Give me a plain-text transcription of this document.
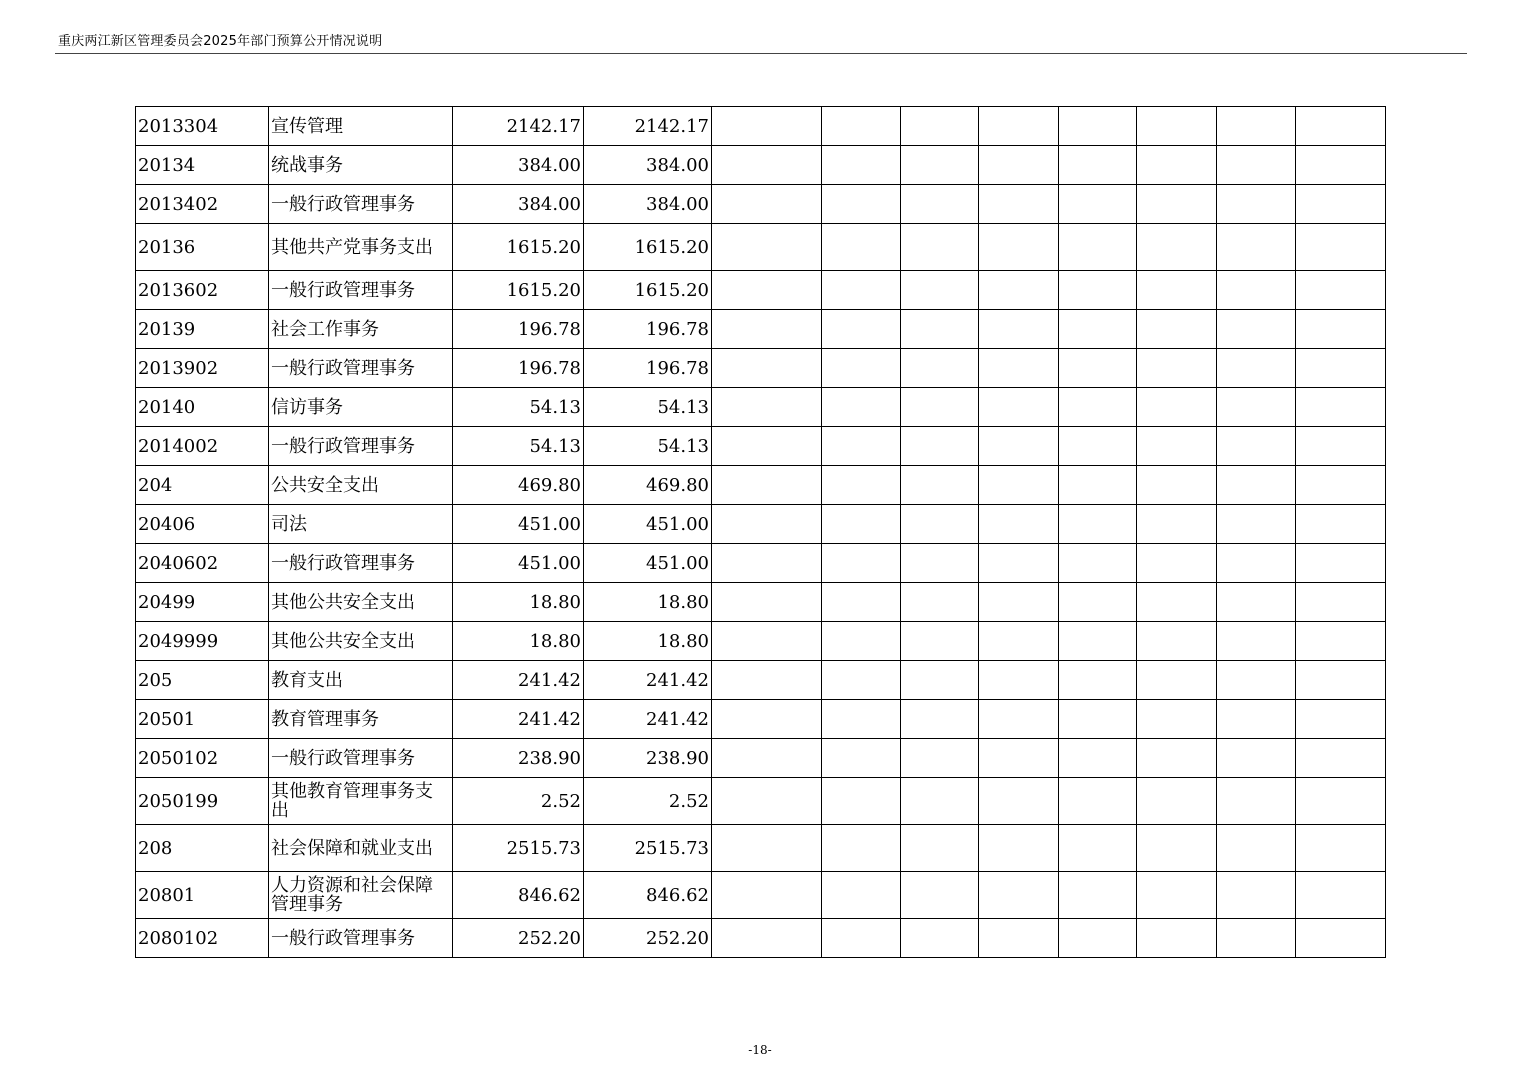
重庆两江新区管理委员会2025年部门预算公开情况说明
2013304	宣传管理	2142.17	2142.17								
20134	统战事务	384.00	384.00								
2013402	一般行政管理事务	384.00	384.00								
20136	其他共产党事务支出	1615.20	1615.20								
2013602	一般行政管理事务	1615.20	1615.20								
20139	社会工作事务	196.78	196.78								
2013902	一般行政管理事务	196.78	196.78								
20140	信访事务	54.13	54.13								
2014002	一般行政管理事务	54.13	54.13								
204	公共安全支出	469.80	469.80								
20406	司法	451.00	451.00								
2040602	一般行政管理事务	451.00	451.00								
20499	其他公共安全支出	18.80	18.80								
2049999	其他公共安全支出	18.80	18.80								
205	教育支出	241.42	241.42								
20501	教育管理事务	241.42	241.42								
2050102	一般行政管理事务	238.90	238.90								
2050199	其他教育管理事务支出	2.52	2.52								
208	社会保障和就业支出	2515.73	2515.73								
20801	人力资源和社会保障管理事务	846.62	846.62								
2080102	一般行政管理事务	252.20	252.20								
-18-
